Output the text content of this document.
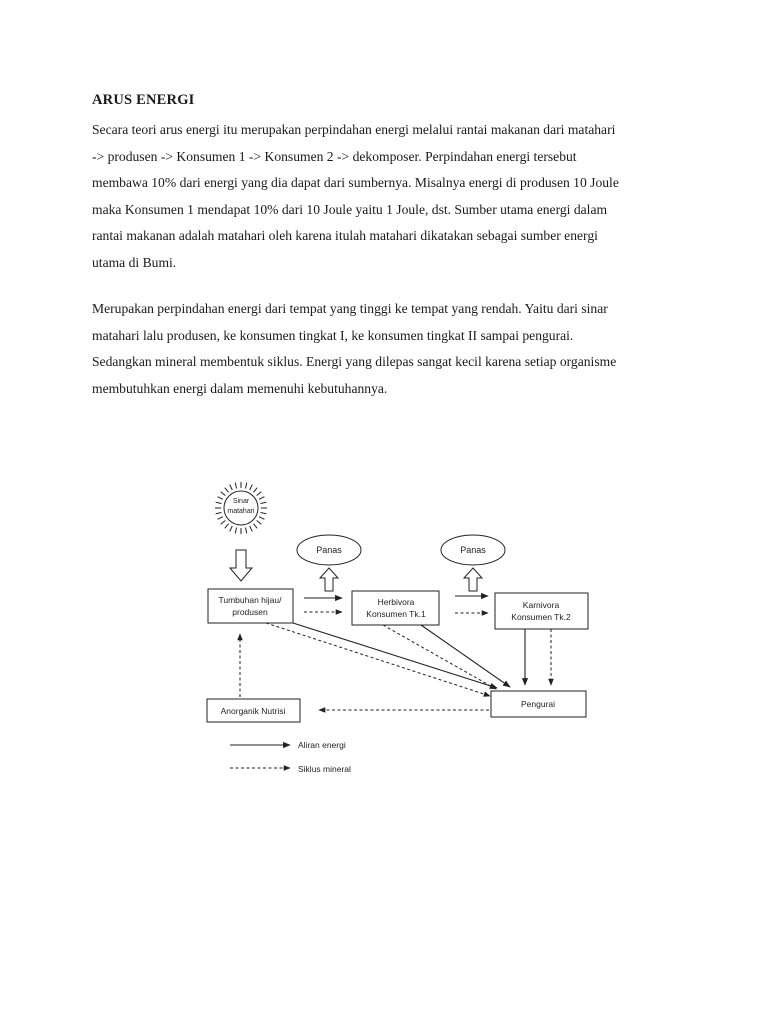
ARUS ENERGI
Secara teori arus energi itu merupakan perpindahan energi melalui rantai makanan dari matahari
-> produsen -> Konsumen 1 -> Konsumen 2 -> dekomposer. Perpindahan energi tersebut
membawa 10% dari energi yang dia dapat dari sumbernya. Misalnya energi di produsen 10 Joule
maka Konsumen 1 mendapat 10% dari 10 Joule yaitu 1 Joule, dst. Sumber utama energi dalam
rantai makanan adalah matahari oleh karena itulah matahari dikatakan sebagai sumber energi
utama di Bumi.
Merupakan perpindahan energi dari tempat yang tinggi ke tempat yang rendah. Yaitu dari sinar
matahari lalu produsen, ke konsumen tingkat I, ke konsumen tingkat II sampai pengurai.
Sedangkan mineral membentuk siklus. Energi yang dilepas sangat kecil karena setiap organisme
membutuhkan energi dalam memenuhi kebutuhannya.
Sinar
matahari
Panas	Panas
Tumbuhan hijau/
produsen
Herbivora
Konsumen Tk.1
Karnivora
Konsumen Tk.2
Pengurai
Anorganik Nutrisi
Aliran energi
Siklus mineral
